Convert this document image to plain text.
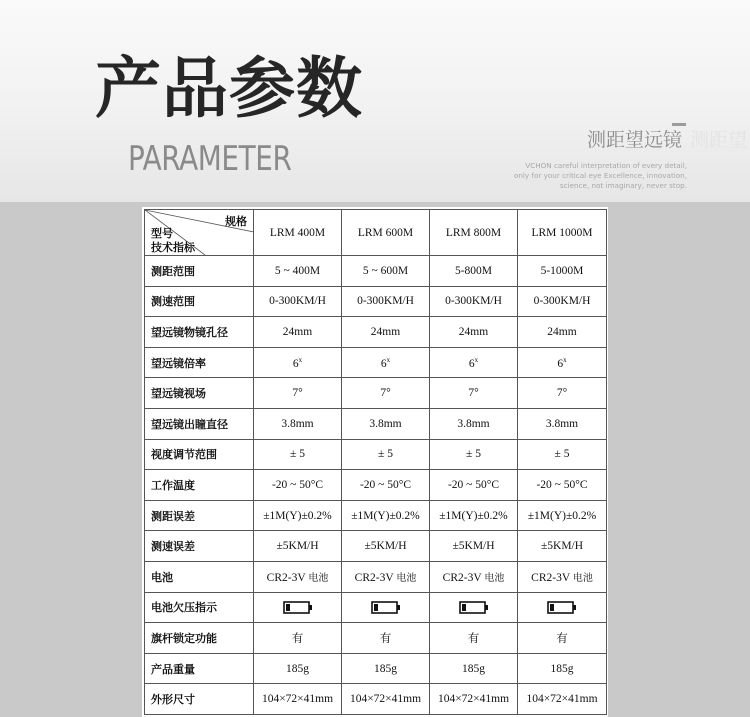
产品参数
PARAMETER	测距望远镜 测距望
VCHON careful interpretation of every detail,
only for your critical eye Excellence, innovation,
science, not imaginary, never stop.
规格
型号
技术指标	LRM 400M	LRM 600M	LRM 800M	LRM 1000M
测距范围	5 ~ 400M	5 ~ 600M	5-800M	5-1000M
测速范围	0-300KM/H	0-300KM/H	0-300KM/H	0-300KM/H
望远镜物镜孔径	24mm	24mm	24mm	24mm
望远镜倍率	6$^x$	6$^x$	6$^x$	6$^x$
望远镜视场	7°	7°	7°	7°
望远镜出瞳直径	3.8mm	3.8mm	3.8mm	3.8mm
视度调节范围	± 5	± 5	± 5	± 5
工作温度	-20 ~ 50°C	-20 ~ 50°C	-20 ~ 50°C	-20 ~ 50°C
测距误差	±1M(Y)±0.2%	±1M(Y)±0.2%	±1M(Y)±0.2%	±1M(Y)±0.2%
测速误差	±5KM/H	±5KM/H	±5KM/H	±5KM/H
电池	CR2-3V 电池	CR2-3V 电池	CR2-3V 电池	CR2-3V 电池
电池欠压指示				
旗杆锁定功能	有	有	有	有
产品重量	185g	185g	185g	185g
外形尺寸	104×72×41mm	104×72×41mm	104×72×41mm	104×72×41mm
